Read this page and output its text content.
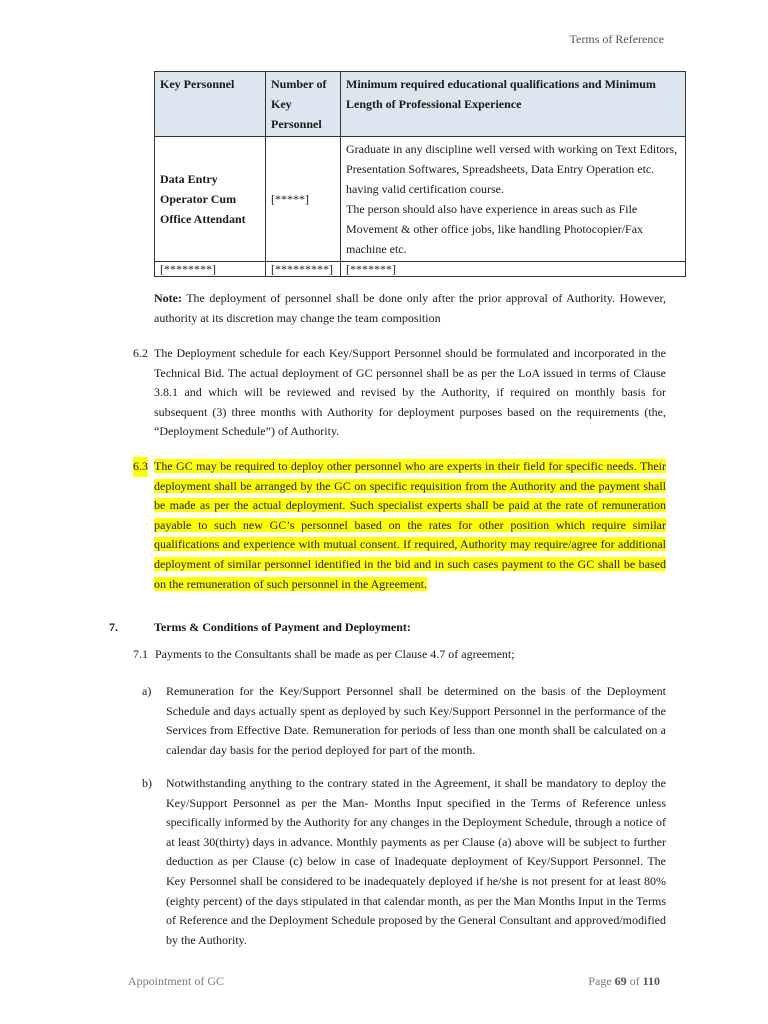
Terms of Reference
Key Personnel	Number of Key Personnel	Minimum required educational qualifications and Minimum Length of Professional Experience
Data Entry Operator Cum Office Attendant	[*****]	Graduate in any discipline well versed with working on Text Editors, Presentation Softwares, Spreadsheets, Data Entry Operation etc. having valid certification course.
The person should also have experience in areas such as File Movement & other office jobs, like handling Photocopier/Fax machine etc.

[********]	[*********]	[*******]
Note: The deployment of personnel shall be done only after the prior approval of Authority. However, authority at its discretion may change the team composition
6.2 The Deployment schedule for each Key/Support Personnel should be formulated and incorporated in the Technical Bid. The actual deployment of GC personnel shall be as per the LoA issued in terms of Clause 3.8.1 and which will be reviewed and revised by the Authority, if required on monthly basis for subsequent (3) three months with Authority for deployment purposes based on the requirements (the, “Deployment Schedule”) of Authority.
6.3 The GC may be required to deploy other personnel who are experts in their field for specific needs. Their deployment shall be arranged by the GC on specific requisition from the Authority and the payment shall be made as per the actual deployment. Such specialist experts shall be paid at the rate of remuneration payable to such new GC’s personnel based on the rates for other position which require similar qualifications and experience with mutual consent. If required, Authority may require/agree for additional deployment of similar personnel identified in the bid and in such cases payment to the GC shall be based on the remuneration of such personnel in the Agreement.
7.	Terms & Conditions of Payment and Deployment:
7.1 Payments to the Consultants shall be made as per Clause 4.7 of agreement;
a) Remuneration for the Key/Support Personnel shall be determined on the basis of the Deployment Schedule and days actually spent as deployed by such Key/Support Personnel in the performance of the Services from Effective Date. Remuneration for periods of less than one month shall be calculated on a calendar day basis for the period deployed for part of the month.
b) Notwithstanding anything to the contrary stated in the Agreement, it shall be mandatory to deploy the Key/Support Personnel as per the Man- Months Input specified in the Terms of Reference unless specifically informed by the Authority for any changes in the Deployment Schedule, through a notice of at least 30(thirty) days in advance. Monthly payments as per Clause (a) above will be subject to further deduction as per Clause (c) below in case of Inadequate deployment of Key/Support Personnel. The Key Personnel shall be considered to be inadequately deployed if he/she is not present for at least 80% (eighty percent) of the days stipulated in that calendar month, as per the Man Months Input in the Terms of Reference and the Deployment Schedule proposed by the General Consultant and approved/modified by the Authority.
Appointment of GC	Page 69 of 110
